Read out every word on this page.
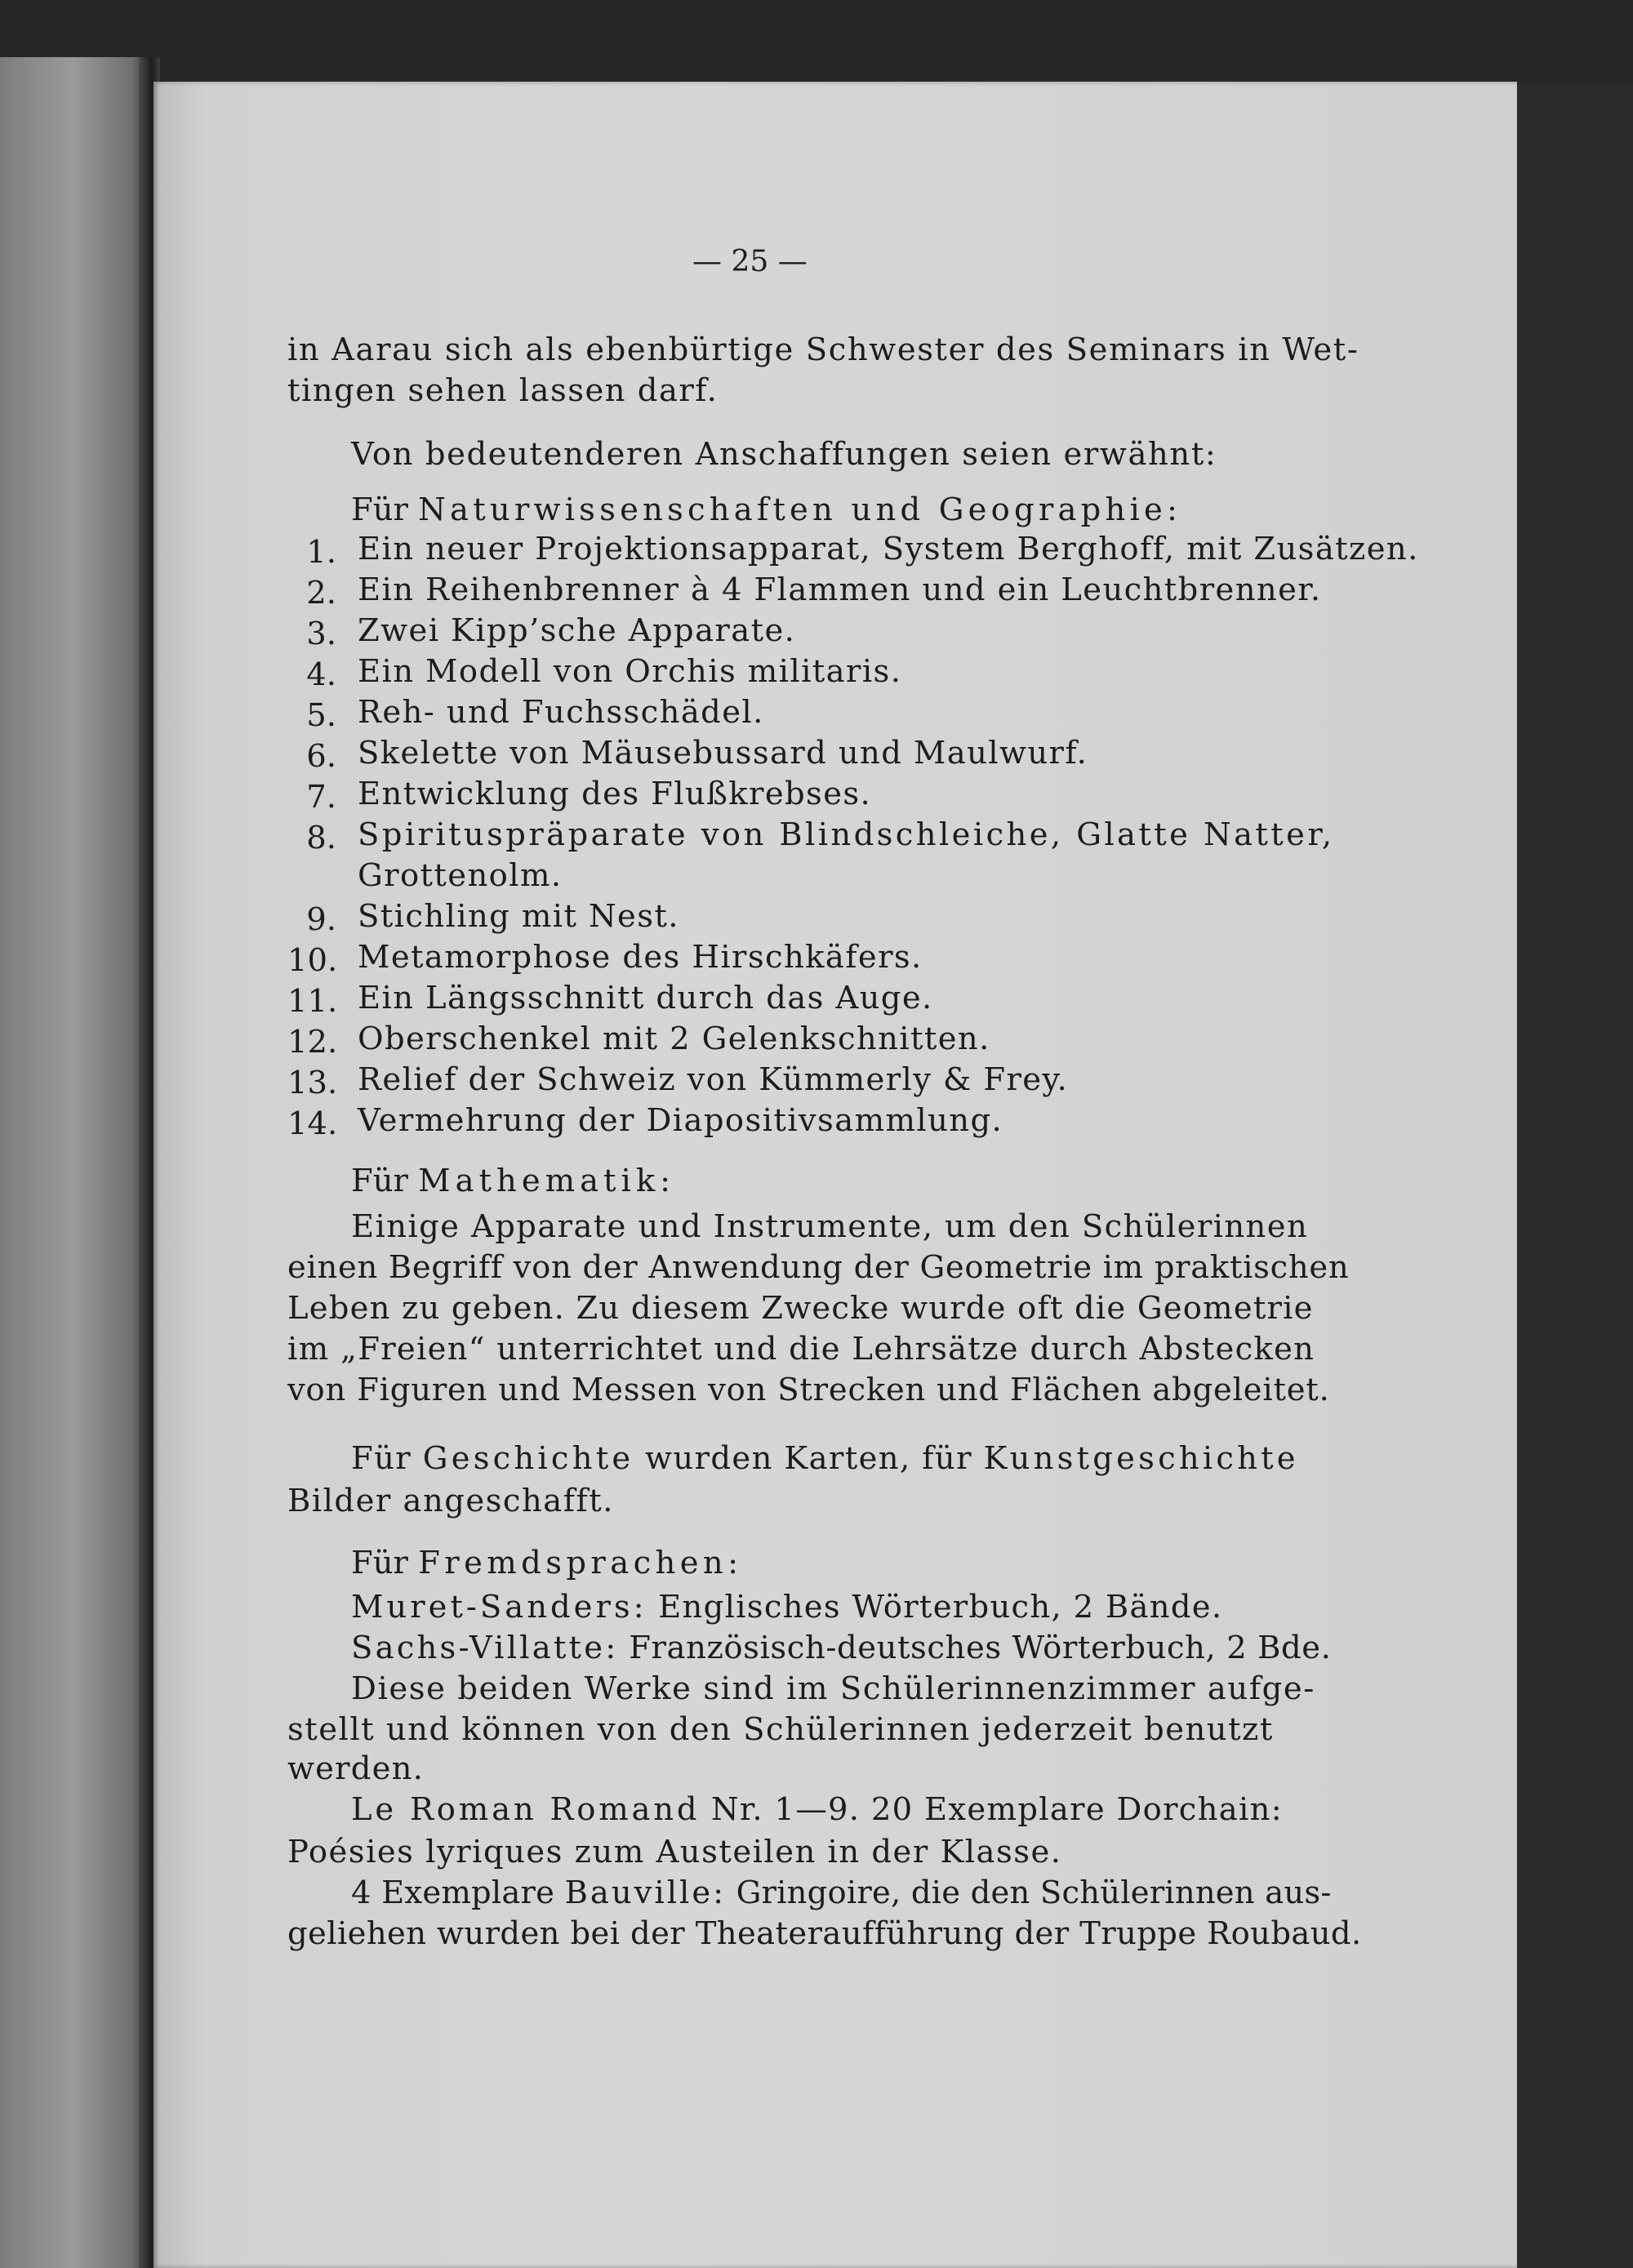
— 25 —
in Aarau sich als ebenbürtige Schwester des Seminars in Wet-
tingen sehen lassen darf.
Von bedeutenderen Anschaffungen seien erwähnt:
Für Naturwissenschaften und Geographie:
1. Ein neuer Projektionsapparat, System Berghoff, mit Zusätzen.
2. Ein Reihenbrenner à 4 Flammen und ein Leuchtbrenner.
3. Zwei Kipp’sche Apparate.
4. Ein Modell von Orchis militaris.
5. Reh- und Fuchsschädel.
6. Skelette von Mäusebussard und Maulwurf.
7. Entwicklung des Flußkrebses.
8. Spirituspräparate von Blindschleiche, Glatte Natter,
Grottenolm.
9. Stichling mit Nest.
10. Metamorphose des Hirschkäfers.
11. Ein Längsschnitt durch das Auge.
12. Oberschenkel mit 2 Gelenkschnitten.
13. Relief der Schweiz von Kümmerly & Frey.
14. Vermehrung der Diapositivsammlung.
Für Mathematik:
Einige Apparate und Instrumente, um den Schülerinnen
einen Begriff von der Anwendung der Geometrie im praktischen
Leben zu geben. Zu diesem Zwecke wurde oft die Geometrie
im „Freien“ unterrichtet und die Lehrsätze durch Abstecken
von Figuren und Messen von Strecken und Flächen abgeleitet.
Für Geschichte wurden Karten, für Kunstgeschichte
Bilder angeschafft.
Für Fremdsprachen:
Muret-Sanders: Englisches Wörterbuch, 2 Bände.
Sachs-Villatte: Französisch-deutsches Wörterbuch, 2 Bde.
Diese beiden Werke sind im Schülerinnenzimmer aufge-
stellt und können von den Schülerinnen jederzeit benutzt
werden.
Le Roman Romand Nr. 1—9. 20 Exemplare Dorchain:
Poésies lyriques zum Austeilen in der Klasse.
4 Exemplare Bauville: Gringoire, die den Schülerinnen aus-
geliehen wurden bei der Theateraufführung der Truppe Roubaud.
